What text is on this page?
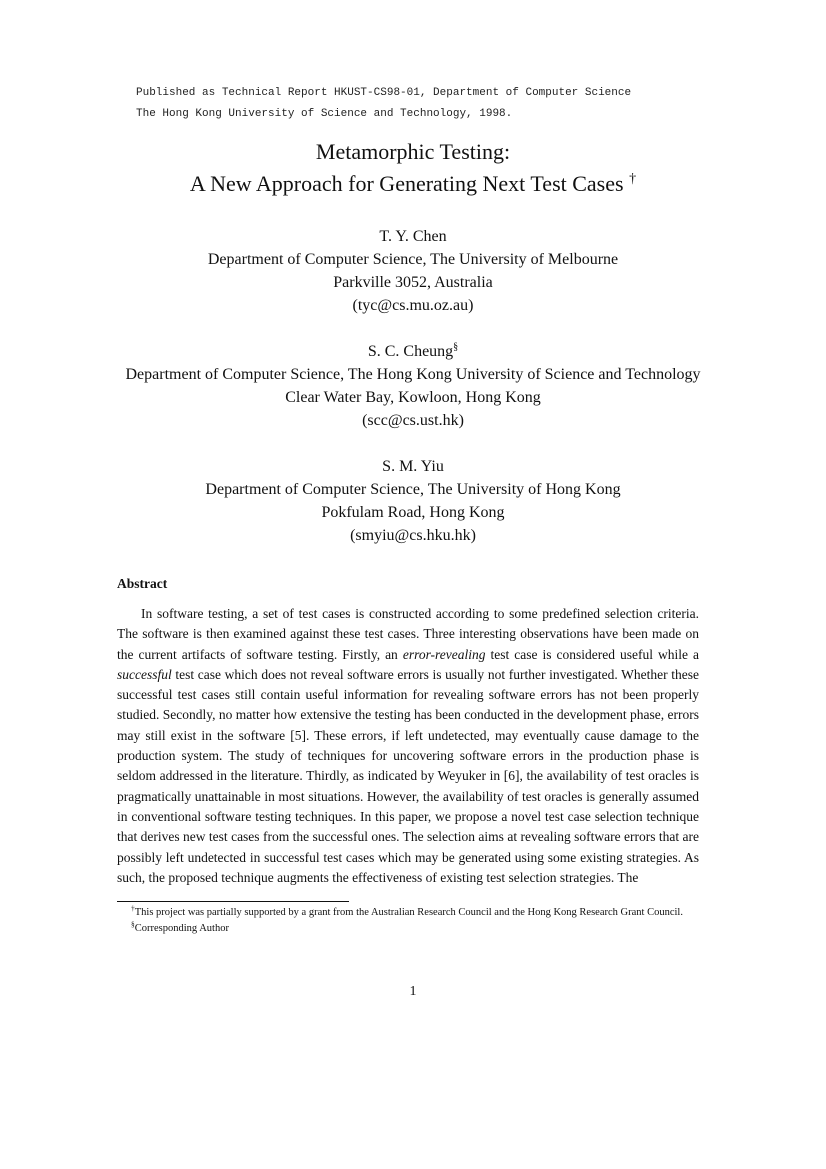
Published as Technical Report HKUST-CS98-01, Department of Computer Science
The Hong Kong University of Science and Technology, 1998.
Metamorphic Testing:
A New Approach for Generating Next Test Cases †
T. Y. Chen
Department of Computer Science, The University of Melbourne
Parkville 3052, Australia
(tyc@cs.mu.oz.au)
S. C. Cheung§
Department of Computer Science, The Hong Kong University of Science and Technology
Clear Water Bay, Kowloon, Hong Kong
(scc@cs.ust.hk)
S. M. Yiu
Department of Computer Science, The University of Hong Kong
Pokfulam Road, Hong Kong
(smyiu@cs.hku.hk)
Abstract

In software testing, a set of test cases is constructed according to some predefined selection criteria. The software is then examined against these test cases. Three interesting observations have been made on the current artifacts of software testing. Firstly, an error-revealing test case is considered useful while a successful test case which does not reveal software errors is usually not further investigated. Whether these successful test cases still contain useful information for revealing software errors has not been properly studied. Secondly, no matter how extensive the testing has been conducted in the development phase, errors may still exist in the software [5]. These errors, if left undetected, may eventually cause damage to the production system. The study of techniques for uncovering software errors in the production phase is seldom addressed in the literature. Thirdly, as indicated by Weyuker in [6], the availability of test oracles is pragmatically unattainable in most situations. However, the availability of test oracles is generally assumed in conventional software testing techniques. In this paper, we propose a novel test case selection technique that derives new test cases from the successful ones. The selection aims at revealing software errors that are possibly left undetected in successful test cases which may be generated using some existing strategies. As such, the proposed technique augments the effectiveness of existing test selection strategies. The

†This project was partially supported by a grant from the Australian Research Council and the Hong Kong Research Grant Council.

§Corresponding Author

1
